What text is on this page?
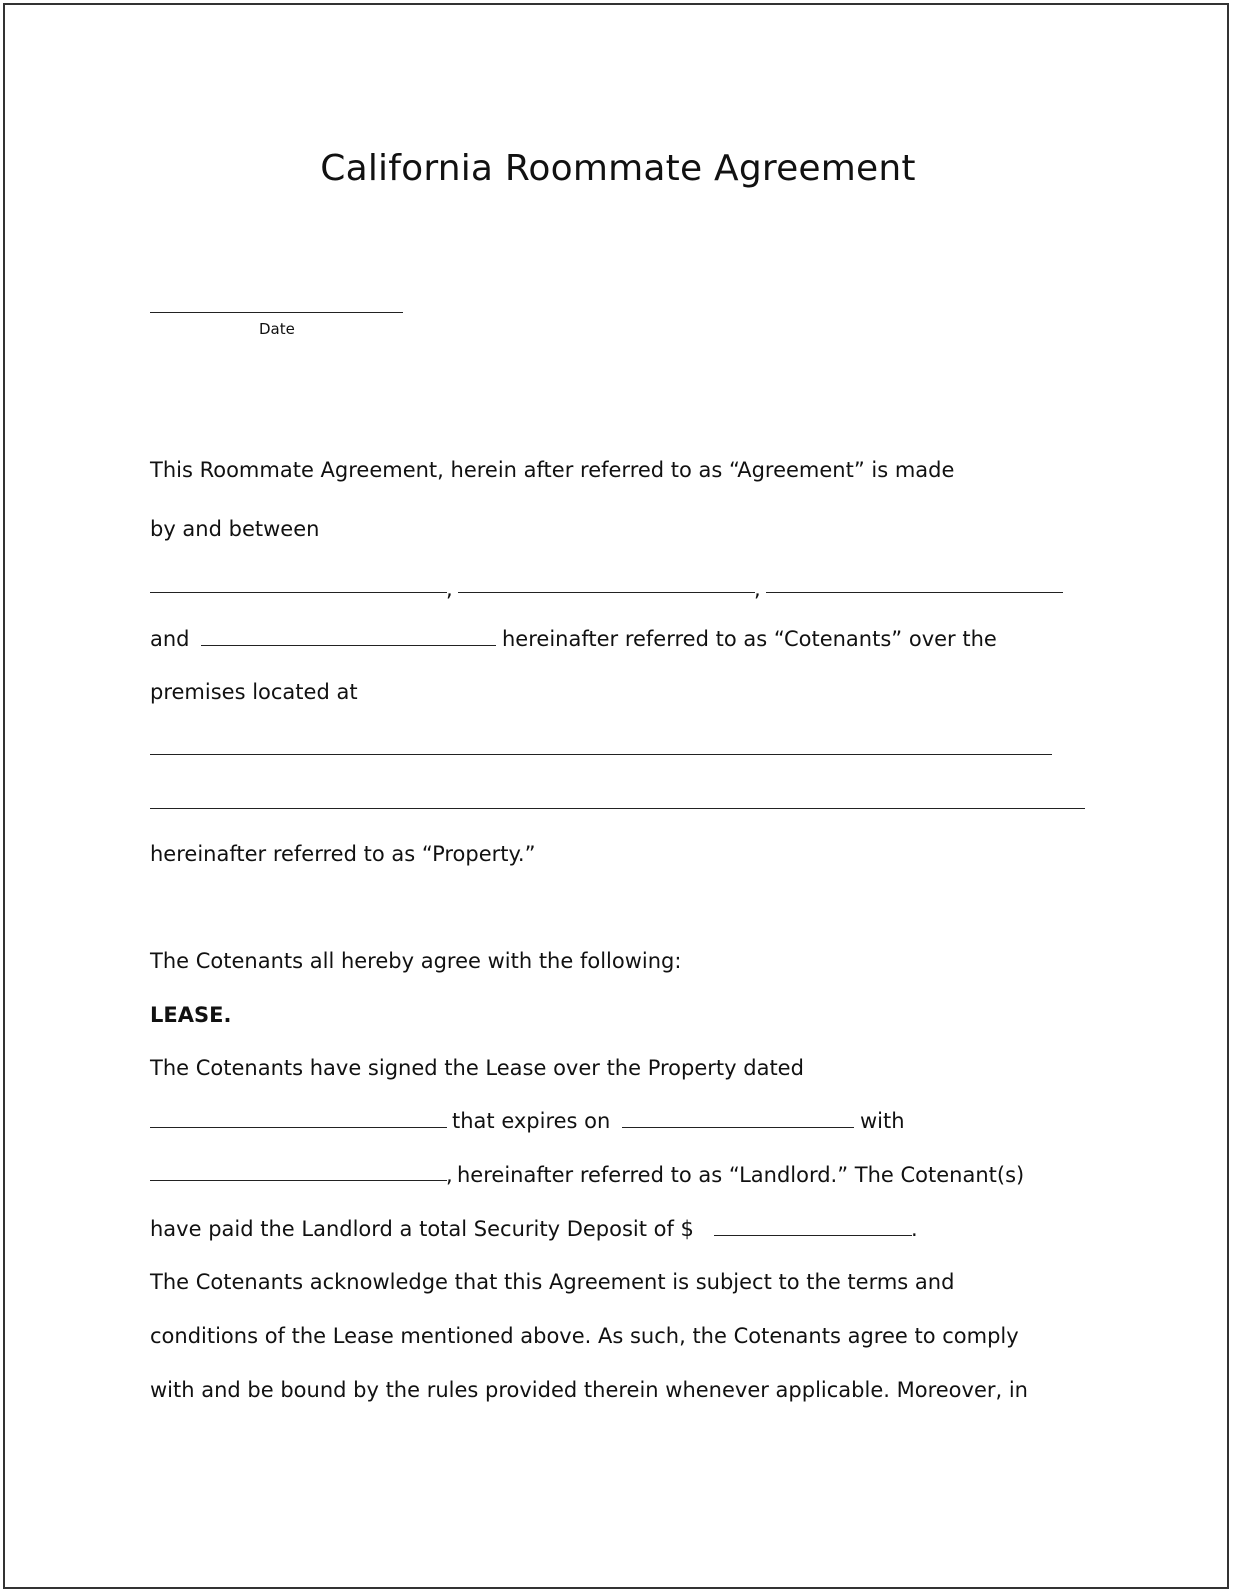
California Roommate Agreement
Date
This Roommate Agreement, herein after referred to as “Agreement” is made
by and between
,	,
and	hereinafter referred to as “Cotenants” over the
premises located at
hereinafter referred to as “Property.”
The Cotenants all hereby agree with the following:
LEASE.
The Cotenants have signed the Lease over the Property dated
that expires on	with
, hereinafter referred to as “Landlord.” The Cotenant(s)
have paid the Landlord a total Security Deposit of $	.
The Cotenants acknowledge that this Agreement is subject to the terms and
conditions of the Lease mentioned above. As such, the Cotenants agree to comply
with and be bound by the rules provided therein whenever applicable. Moreover, in
